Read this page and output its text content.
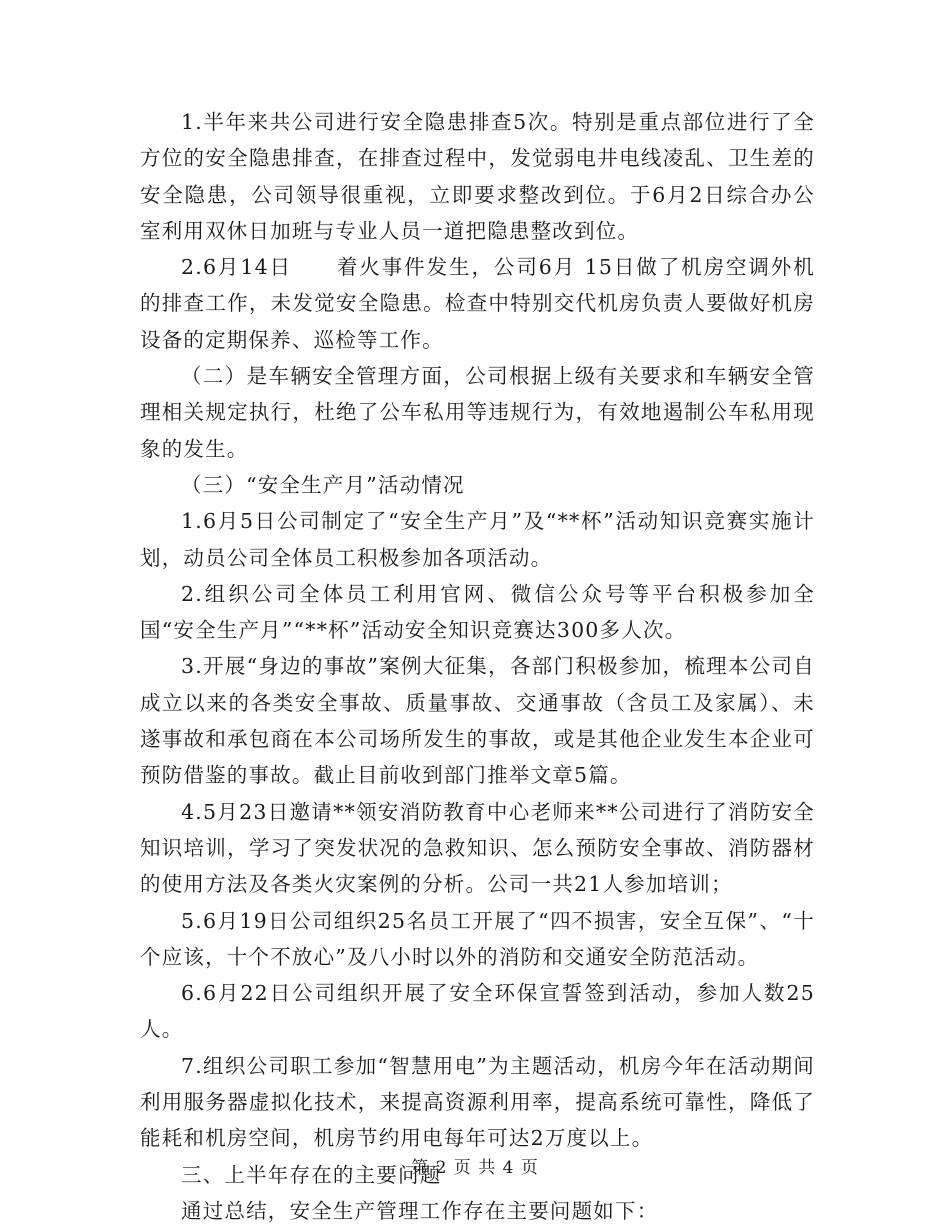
1.半年来共公司进行安全隐患排查5次。特别是重点部位进行了全方位的安全隐患排查，在排查过程中，发觉弱电井电线凌乱、卫生差的安全隐患，公司领导很重视，立即要求整改到位。于6月2日综合办公室利用双休日加班与专业人员一道把隐患整改到位。

2.6月14日　　着火事件发生，公司6月 15日做了机房空调外机的排查工作，未发觉安全隐患。检查中特别交代机房负责人要做好机房设备的定期保养、巡检等工作。

（二）是车辆安全管理方面，公司根据上级有关要求和车辆安全管理相关规定执行，杜绝了公车私用等违规行为，有效地遏制公车私用现象的发生。

（三）“安全生产月”活动情况

1.6月5日公司制定了“安全生产月”及“**杯”活动知识竞赛实施计划，动员公司全体员工积极参加各项活动。

2.组织公司全体员工利用官网、微信公众号等平台积极参加全国“安全生产月”“**杯”活动安全知识竞赛达300多人次。

3.开展“身边的事故”案例大征集，各部门积极参加，梳理本公司自成立以来的各类安全事故、质量事故、交通事故（含员工及家属）、未遂事故和承包商在本公司场所发生的事故，或是其他企业发生本企业可预防借鉴的事故。截止目前收到部门推举文章5篇。

4.5月23日邀请**领安消防教育中心老师来**公司进行了消防安全知识培训，学习了突发状况的急救知识、怎么预防安全事故、消防器材的使用方法及各类火灾案例的分析。公司一共21人参加培训；

5.6月19日公司组织25名员工开展了“四不损害，安全互保”、“十个应该，十个不放心”及八小时以外的消防和交通安全防范活动。

6.6月22日公司组织开展了安全环保宣誓签到活动，参加人数25人。

7.组织公司职工参加“智慧用电”为主题活动，机房今年在活动期间利用服务器虚拟化技术，来提高资源利用率，提高系统可靠性，降低了能耗和机房空间，机房节约用电每年可达2万度以上。

三、上半年存在的主要问题

通过总结，安全生产管理工作存在主要问题如下：

第 2 页 共 4 页
